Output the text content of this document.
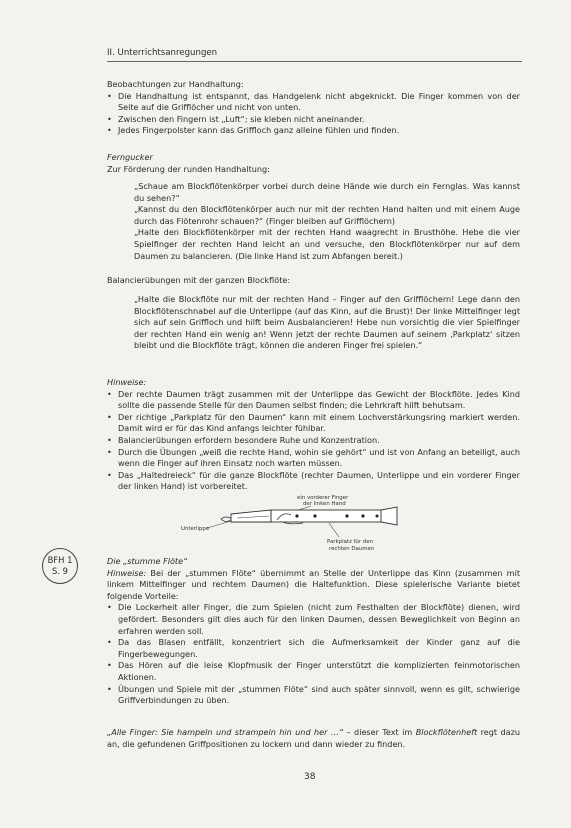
II. Unterrichtsanregungen

Beobachtungen zur Handhaltung:

• Die Handhaltung ist entspannt, das Handgelenk nicht abgeknickt. Die Finger kommen von der Seite auf die Grifflöcher und nicht von unten.

• Zwischen den Fingern ist „Luft“; sie kleben nicht aneinander.

• Jedes Fingerpolster kann das Griffloch ganz alleine fühlen und finden.

Ferngucker

Zur Förderung der runden Handhaltung:

„Schaue am Blockflötenkörper vorbei durch deine Hände wie durch ein Fernglas. Was kannst du sehen?“

„Kannst du den Blockflötenkörper auch nur mit der rechten Hand halten und mit einem Auge durch das Flötenrohr schauen?“ (Finger bleiben auf Grifflöchern)

„Halte den Blockflötenkörper mit der rechten Hand waagrecht in Brusthöhe. Hebe die vier Spielfinger der rechten Hand leicht an und versuche, den Blockflötenkörper nur auf dem Daumen zu balancieren. (Die linke Hand ist zum Abfangen bereit.)

Balancierübungen mit der ganzen Blockflöte:

„Halte die Blockflöte nur mit der rechten Hand – Finger auf den Grifflöchern! Lege dann den Blockflötenschnabel auf die Unterlippe (auf das Kinn, auf die Brust)! Der linke Mittelfinger legt sich auf sein Griffloch und hilft beim Ausbalancieren! Hebe nun vorsichtig die vier Spielfinger der rechten Hand ein wenig an! Wenn jetzt der rechte Daumen auf seinem ‚Parkplatz‘ sitzen bleibt und die Blockflöte trägt, können die anderen Finger frei spielen.“

Hinweise:

• Der rechte Daumen trägt zusammen mit der Unterlippe das Gewicht der Blockflöte. Jedes Kind sollte die passende Stelle für den Daumen selbst finden; die Lehrkraft hilft behutsam.

• Der richtige „Parkplatz für den Daumen“ kann mit einem Lochverstärkungsring markiert werden. Damit wird er für das Kind anfangs leichter fühlbar.

• Balancierübungen erfordern besondere Ruhe und Konzentration.

• Durch die Übungen „weiß die rechte Hand, wohin sie gehört“ und ist von Anfang an beteiligt, auch wenn die Finger auf ihren Einsatz noch warten müssen.

• Das „Haltedreieck“ für die ganze Blockflöte (rechter Daumen, Unterlippe und ein vorderer Finger der linken Hand) ist vorbereitet.

ein vorderer Finger
der linken Hand
Unterlippe
Parkplatz für den
rechten Daumen
BFH 1
S. 9

Die „stumme Flöte“

Hinweise: Bei der „stummen Flöte“ übernimmt an Stelle der Unterlippe das Kinn (zusammen mit linkem Mittelfinger und rechtem Daumen) die Haltefunktion. Diese spielerische Variante bietet folgende Vorteile:

• Die Lockerheit aller Finger, die zum Spielen (nicht zum Festhalten der Blockflöte) dienen, wird gefördert. Besonders gilt dies auch für den linken Daumen, dessen Beweglichkeit von Beginn an erfahren werden soll.

• Da das Blasen entfällt, konzentriert sich die Aufmerksamkeit der Kinder ganz auf die Fingerbewegungen.

• Das Hören auf die leise Klopfmusik der Finger unterstützt die komplizierten feinmotorischen Aktionen.

• Übungen und Spiele mit der „stummen Flöte“ sind auch später sinnvoll, wenn es gilt, schwierige Griffverbindungen zu üben.

„Alle Finger: Sie hampeln und strampeln hin und her …“ – dieser Text im Blockflötenheft regt dazu an, die gefundenen Griffpositionen zu lockern und dann wieder zu finden.

38
